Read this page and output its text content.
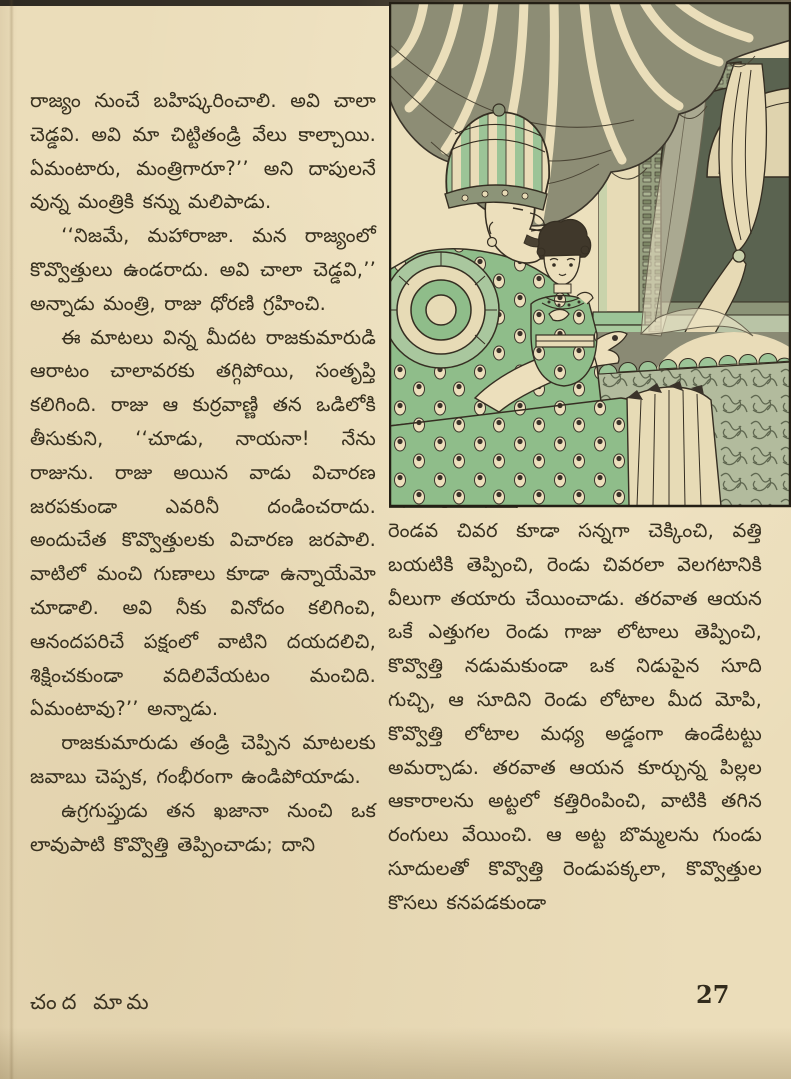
రాజ్యం నుంచే బహిష్కరించాలి. అవి చాలా చెడ్డవి. అవి మా చిట్టితండ్రి వేలు కాల్చాయి. ఏమంటారు, మంత్రిగారూ?’’ అని దాపులనే వున్న మంత్రికి కన్ను మలిపాడు.

‘‘నిజమే, మహారాజా. మన రాజ్యంలో కొవ్వొత్తులు ఉండరాదు. అవి చాలా చెడ్డవి,’’ అన్నాడు మంత్రి, రాజు ధోరణి గ్రహించి.

ఈ మాటలు విన్న మీదట రాజకుమారుడి ఆరాటం చాలావరకు తగ్గిపోయి, సంతృప్తి కలిగింది. రాజు ఆ కుర్రవాణ్ణి తన ఒడిలోకి తీసుకుని, ‘‘చూడు, నాయనా! నేను రాజును. రాజు అయిన వాడు విచారణ జరపకుండా ఎవరినీ దండించరాదు. అందుచేత కొవ్వొత్తులకు విచారణ జరపాలి. వాటిలో మంచి గుణాలు కూడా ఉన్నాయేమో చూడాలి. అవి నీకు వినోదం కలిగించి, ఆనందపరిచే పక్షంలో వాటిని దయదలిచి, శిక్షించకుండా వదిలివేయటం మంచిది. ఏమంటావు?’’ అన్నాడు.

రాజకుమారుడు తండ్రి చెప్పిన మాటలకు జవాబు చెప్పక, గంభీరంగా ఉండిపోయాడు.

ఉగ్రగుప్తుడు తన ఖజానా నుంచి ఒక లావుపాటి కొవ్వొత్తి తెప్పించాడు; దాని

రెండవ చివర కూడా సన్నగా చెక్కించి, వత్తి బయటికి తెప్పించి, రెండు చివరలా వెలగటానికి వీలుగా తయారు చేయించాడు. తరవాత ఆయన ఒకే ఎత్తుగల రెండు గాజు లోటాలు తెప్పించి, కొవ్వొత్తి నడుమకుండా ఒక నిడుపైన సూది గుచ్చి, ఆ సూదిని రెండు లోటాల మీద మోపి, కొవ్వొత్తి లోటాల మధ్య అడ్డంగా ఉండేటట్టు అమర్చాడు. తరవాత ఆయన కూర్చున్న పిల్లల ఆకారాలను అట్టలో కత్తిరింపించి, వాటికి తగిన రంగులు వేయించి. ఆ అట్ట బొమ్మలను గుండు సూదులతో కొవ్వొత్తి రెండుపక్కలా, కొవ్వొత్తుల కొసలు కనపడకుండా

చంద మామ	27
